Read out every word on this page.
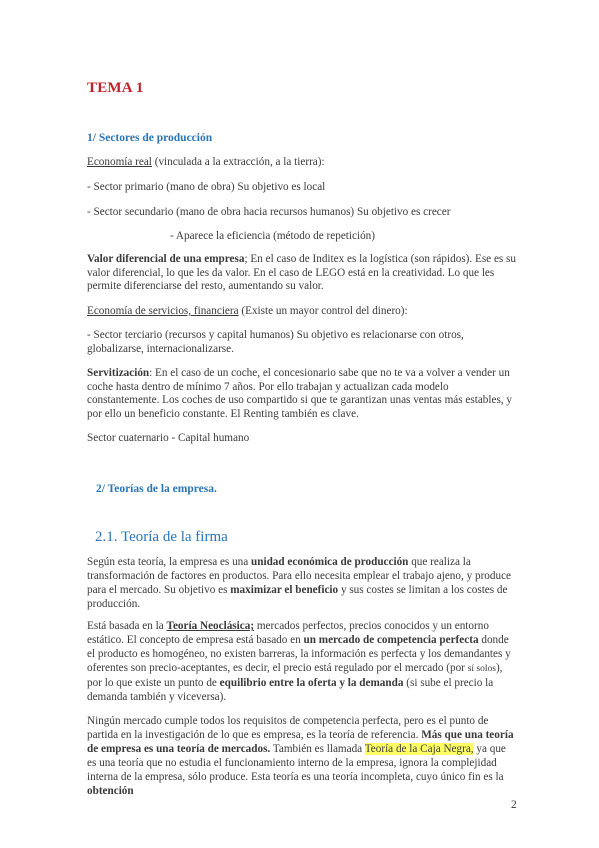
TEMA 1
1/ Sectores de producción

Economía real (vinculada a la extracción, a la tierra):

- Sector primario (mano de obra) Su objetivo es local

- Sector secundario (mano de obra hacia recursos humanos) Su objetivo es crecer

- Aparece la eficiencia (método de repetición)

Valor diferencial de una empresa; En el caso de Inditex es la logística (son rápidos). Ese es su valor diferencial, lo que les da valor. En el caso de LEGO está en la creatividad. Lo que les permite diferenciarse del resto, aumentando su valor.

Economía de servicios, financiera (Existe un mayor control del dinero):

- Sector terciario (recursos y capital humanos) Su objetivo es relacionarse con otros, globalizarse, internacionalizarse.

Servitización: En el caso de un coche, el concesionario sabe que no te va a volver a vender un coche hasta dentro de mínimo 7 años. Por ello trabajan y actualizan cada modelo constantemente. Los coches de uso compartido si que te garantizan unas ventas más estables, y por ello un beneficio constante. El Renting también es clave.

Sector cuaternario - Capital humano

2/ Teorías de la empresa.
2.1. Teoría de la firma

Según esta teoría, la empresa es una unidad económica de producción que realiza la transformación de factores en productos. Para ello necesita emplear el trabajo ajeno, y produce para el mercado. Su objetivo es maximizar el beneficio y sus costes se limitan a los costes de producción.

Está basada en la Teoría Neoclásica; mercados perfectos, precios conocidos y un entorno estático. El concepto de empresa está basado en un mercado de competencia perfecta donde el producto es homogéneo, no existen barreras, la información es perfecta y los demandantes y oferentes son precio-aceptantes, es decir, el precio está regulado por el mercado (por sí solos), por lo que existe un punto de equilibrio entre la oferta y la demanda (si sube el precio la demanda también y viceversa).

Ningún mercado cumple todos los requisitos de competencia perfecta, pero es el punto de partida en la investigación de lo que es empresa, es la teoría de referencia. Más que una teoría de empresa es una teoría de mercados. También es llamada Teoría de la Caja Negra, ya que es una teoría que no estudia el funcionamiento interno de la empresa, ignora la complejidad interna de la empresa, sólo produce. Esta teoría es una teoría incompleta, cuyo único fin es la obtención

2
